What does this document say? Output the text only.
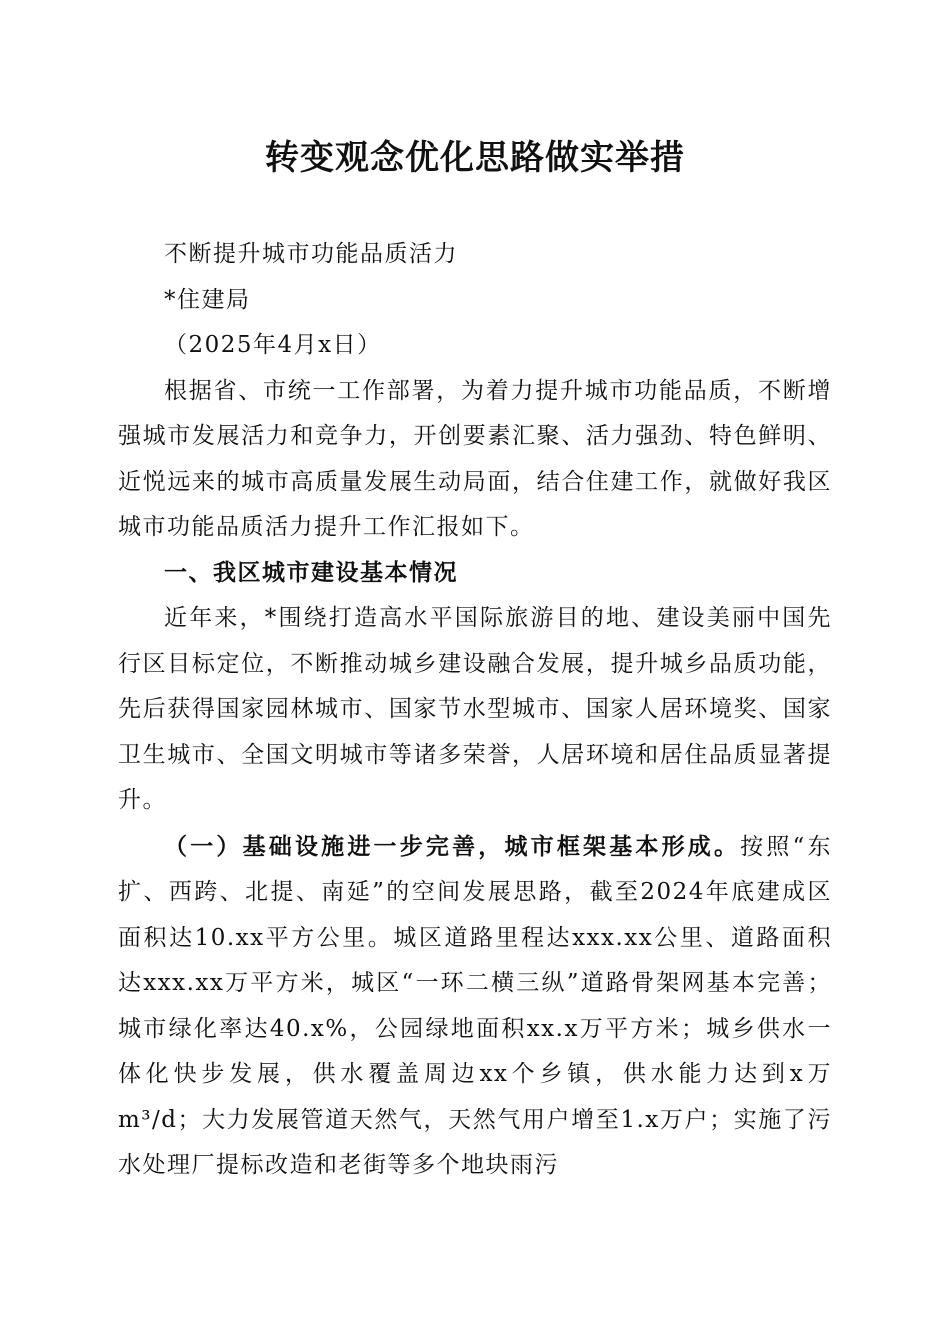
转变观念优化思路做实举措

不断提升城市功能品质活力

*住建局

（2025年4月x日）

根据省、市统一工作部署，为着力提升城市功能品质，不断增强城市发展活力和竞争力，开创要素汇聚、活力强劲、特色鲜明、近悦远来的城市高质量发展生动局面，结合住建工作，就做好我区城市功能品质活力提升工作汇报如下。

一、我区城市建设基本情况

近年来，*围绕打造高水平国际旅游目的地、建设美丽中国先行区目标定位，不断推动城乡建设融合发展，提升城乡品质功能，先后获得国家园林城市、国家节水型城市、国家人居环境奖、国家卫生城市、全国文明城市等诸多荣誉，人居环境和居住品质显著提升。

（一）基础设施进一步完善，城市框架基本形成。按照“东扩、西跨、北提、南延”的空间发展思路，截至2024年底建成区面积达10.xx平方公里。城区道路里程达xxx.xx公里、道路面积达xxx.xx万平方米，城区“一环二横三纵”道路骨架网基本完善；城市绿化率达40.x%，公园绿地面积xx.x万平方米；城乡供水一体化快步发展，供水覆盖周边xx个乡镇，供水能力达到x万m³/d；大力发展管道天然气，天然气用户增至1.x万户；实施了污水处理厂提标改造和老街等多个地块雨污
